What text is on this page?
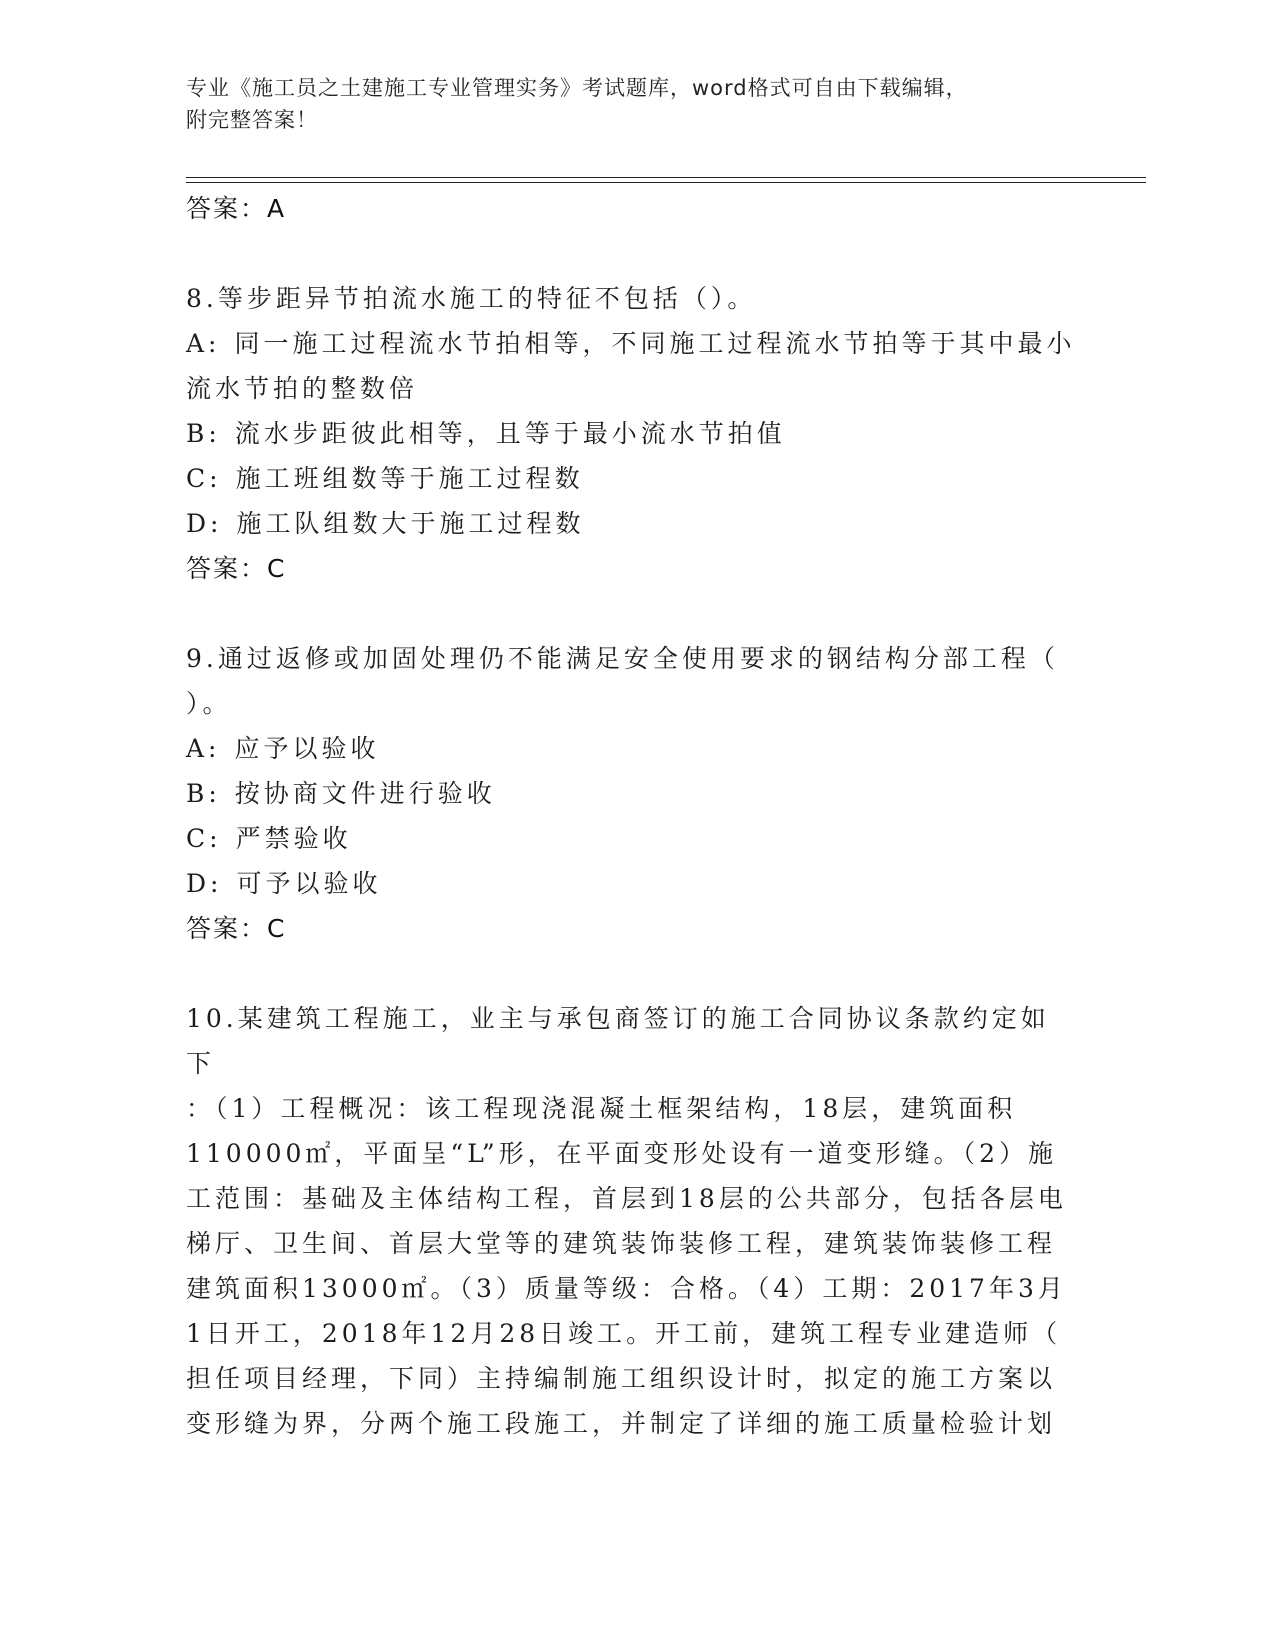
专业《施工员之土建施工专业管理实务》考试题库，word格式可自由下载编辑，
附完整答案！
答案：A
8.等步距异节拍流水施工的特征不包括（）。
A: 同一施工过程流水节拍相等，不同施工过程流水节拍等于其中最小
流水节拍的整数倍
B: 流水步距彼此相等，且等于最小流水节拍值
C: 施工班组数等于施工过程数
D: 施工队组数大于施工过程数
答案：C
9.通过返修或加固处理仍不能满足安全使用要求的钢结构分部工程（
）。
A: 应予以验收
B: 按协商文件进行验收
C: 严禁验收
D: 可予以验收
答案：C
10.某建筑工程施工，业主与承包商签订的施工合同协议条款约定如下
：（1）工程概况：该工程现浇混凝土框架结构，18层，建筑面积
110000㎡，平面呈“L”形，在平面变形处设有一道变形缝。（2）施
工范围：基础及主体结构工程，首层到18层的公共部分，包括各层电
梯厅、卫生间、首层大堂等的建筑装饰装修工程，建筑装饰装修工程
建筑面积13000㎡。（3）质量等级：合格。（4）工期：2017年3月
1日开工，2018年12月28日竣工。开工前，建筑工程专业建造师（
担任项目经理，下同）主持编制施工组织设计时，拟定的施工方案以
变形缝为界，分两个施工段施工，并制定了详细的施工质量检验计划
